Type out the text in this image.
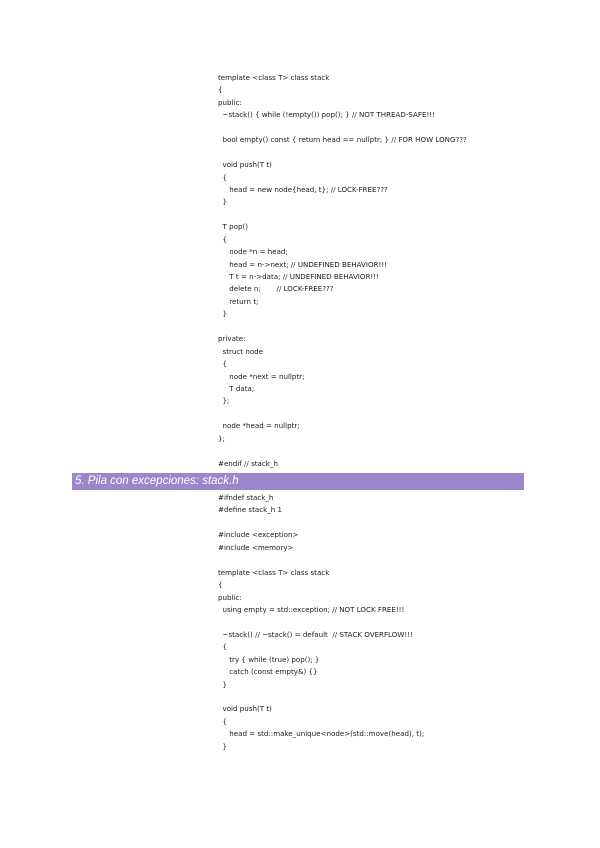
template <class T> class stack
{
public:
~stack() { while (!empty()) pop(); } // NOT THREAD-SAFE!!!
bool empty() const { return head == nullptr; } // FOR HOW LONG???
void push(T t)
{
head = new node{head, t}; // LOCK-FREE???
}
T pop()
{
node *n = head;
head = n->next; // UNDEFINED BEHAVIOR!!!
T t = n->data; // UNDEFINED BEHAVIOR!!!
delete n;       // LOCK-FREE???
return t;
}
private:
struct node
{
node *next = nullptr;
T data;
};
node *head = nullptr;
};
#endif // stack_h
5. Pila con excepciones: stack.h
#ifndef stack_h
#define stack_h 1
#include <exception>
#include <memory>
template <class T> class stack
{
public:
using empty = std::exception; // NOT LOCK FREE!!!
~stack() // ~stack() = default  // STACK OVERFLOW!!!
{
try { while (true) pop(); }
catch (const empty&) {}
}
void push(T t)
{
head = std::make_unique<node>(std::move(head), t);
}
